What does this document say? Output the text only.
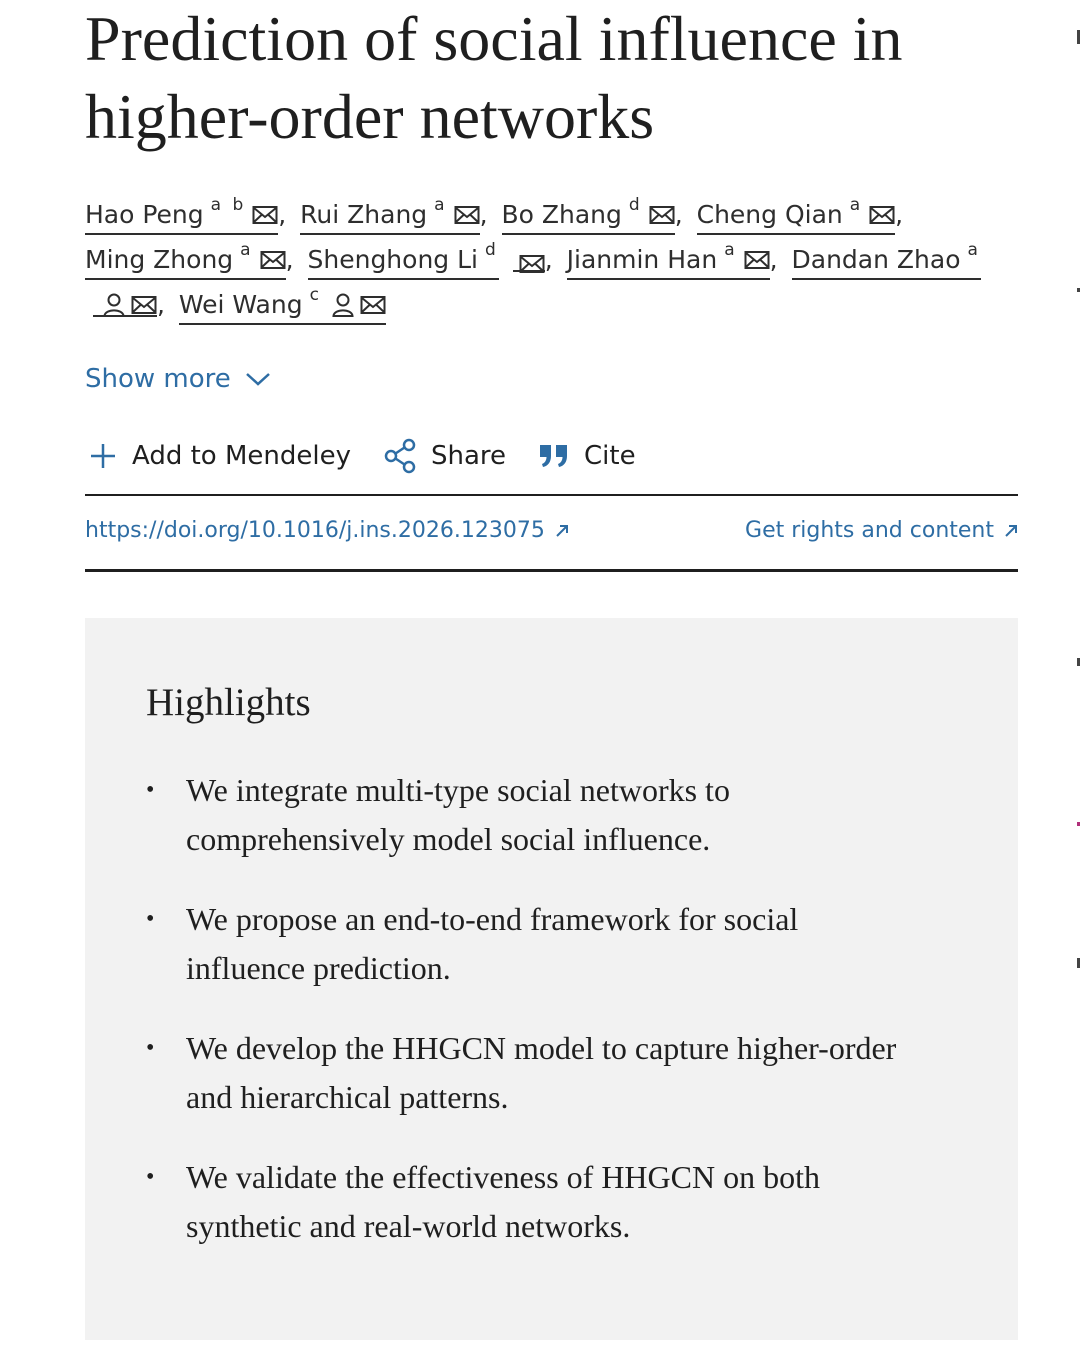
Prediction of social influence in higher-order networks
Hao Peng $^{a b}$ , Rui Zhang $^a$ , Bo Zhang $^d$ , Cheng Qian $^a$ ,

Ming Zhong $^a$ , Shenghong Li $^d$
, Jianmin Han $^a$ , Dandan Zhao $^a$

, Wei Wang $^c$
Show more
Add to Mendeley	Share	Cite
https://doi.org/10.1016/j.ins.2026.123075	Get rights and content
Highlights
• We integrate multi-type social networks to comprehensively model social influence.
• We propose an end-to-end framework for social influence prediction.
• We develop the HHGCN model to capture higher-order and hierarchical patterns.
• We validate the effectiveness of HHGCN on both synthetic and real-world networks.
